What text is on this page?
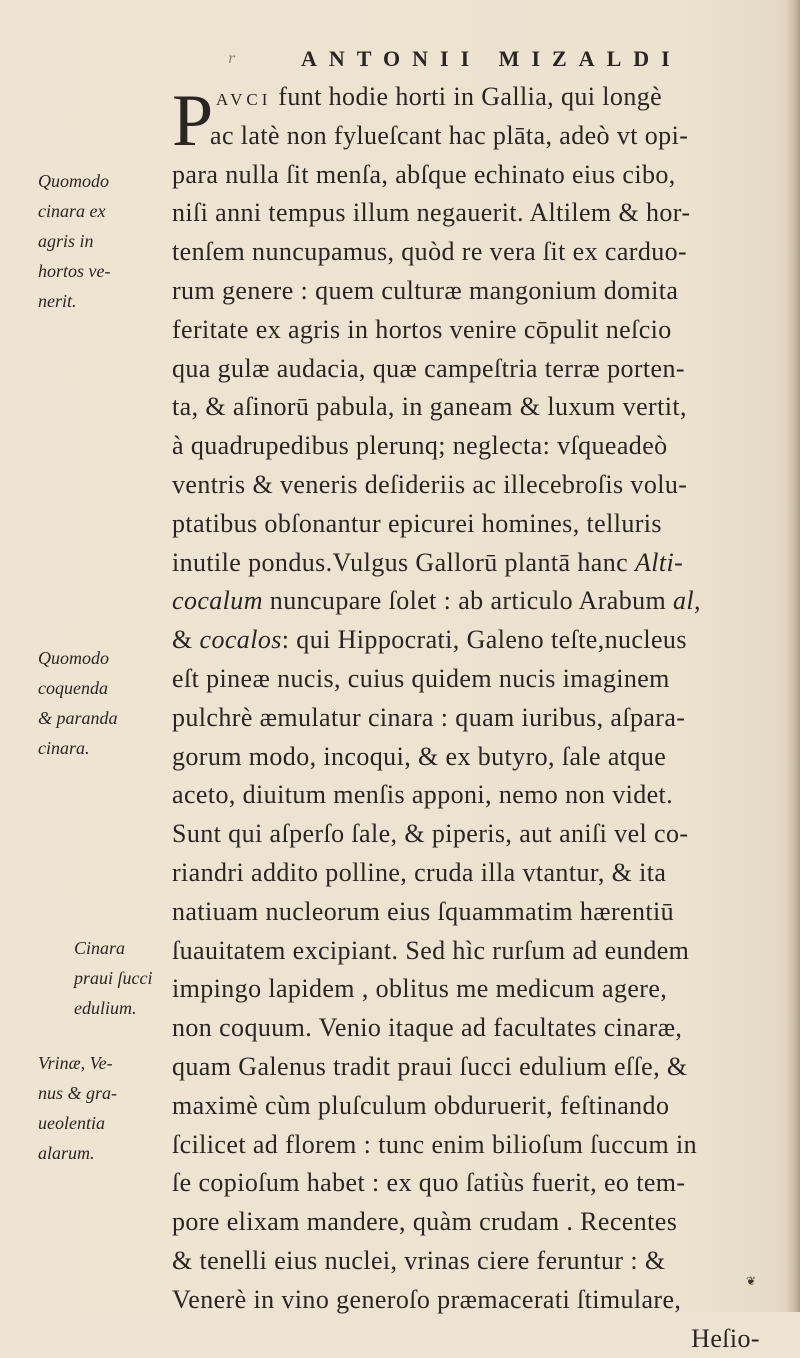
r	ANTONII MIZALDI
P AVCI funt hodie horti in Gallia, qui longè
ac latè non fylueſcant hac plāta, adeò vt opi-
para nulla ſit menſa, abſque echinato eius cibo,
niſi anni tempus illum negauerit. Altilem & hor-
tenſem nuncupamus, quòd re vera ſit ex carduo-
rum genere : quem culturæ mangonium domita
feritate ex agris in hortos venire cōpulit neſcio
qua gulæ audacia, quæ campeſtria terræ porten-
ta, & aſinorū pabula, in ganeam & luxum vertit,
à quadrupedibus plerunq; neglecta: vſqueadeò
ventris & veneris deſideriis ac illecebroſis volu-
ptatibus obſonantur epicurei homines, telluris
inutile pondus.Vulgus Gallorū plantā hanc Alti-
cocalum nuncupare ſolet : ab articulo Arabum al,
& cocalos: qui Hippocrati, Galeno teſte,nucleus
eſt pineæ nucis, cuius quidem nucis imaginem
pulchrè æmulatur cinara : quam iuribus, aſpara-
gorum modo, incoqui, & ex butyro, ſale atque
aceto, diuitum menſis apponi, nemo non videt.
Sunt qui aſperſo ſale, & piperis, aut aniſi vel co-
riandri addito polline, cruda illa vtantur, & ita
natiuam nucleorum eius ſquammatim hærentiū
ſuauitatem excipiant. Sed hìc rurſum ad eundem
impingo lapidem , oblitus me medicum agere,
non coquum. Venio itaque ad facultates cinaræ,
quam Galenus tradit praui ſucci edulium eſſe, &
maximè cùm pluſculum obduruerit, feſtinando
ſcilicet ad florem : tunc enim bilioſum ſuccum in
ſe copioſum habet : ex quo ſatiùs fuerit, eo tem-
pore elixam mandere, quàm crudam . Recentes
& tenelli eius nuclei, vrinas ciere feruntur : &
Venerè in vino generoſo præmacerati ſtimulare,
Heſio-
Quomodo
cinara ex
agris in
hortos ve-
nerit.
Quomodo
coquenda
& paranda
cinara.
Cinara
praui ſucci
edulium.
Vrinæ, Ve-
nus & gra-
ueolentia
alarum.
❦
